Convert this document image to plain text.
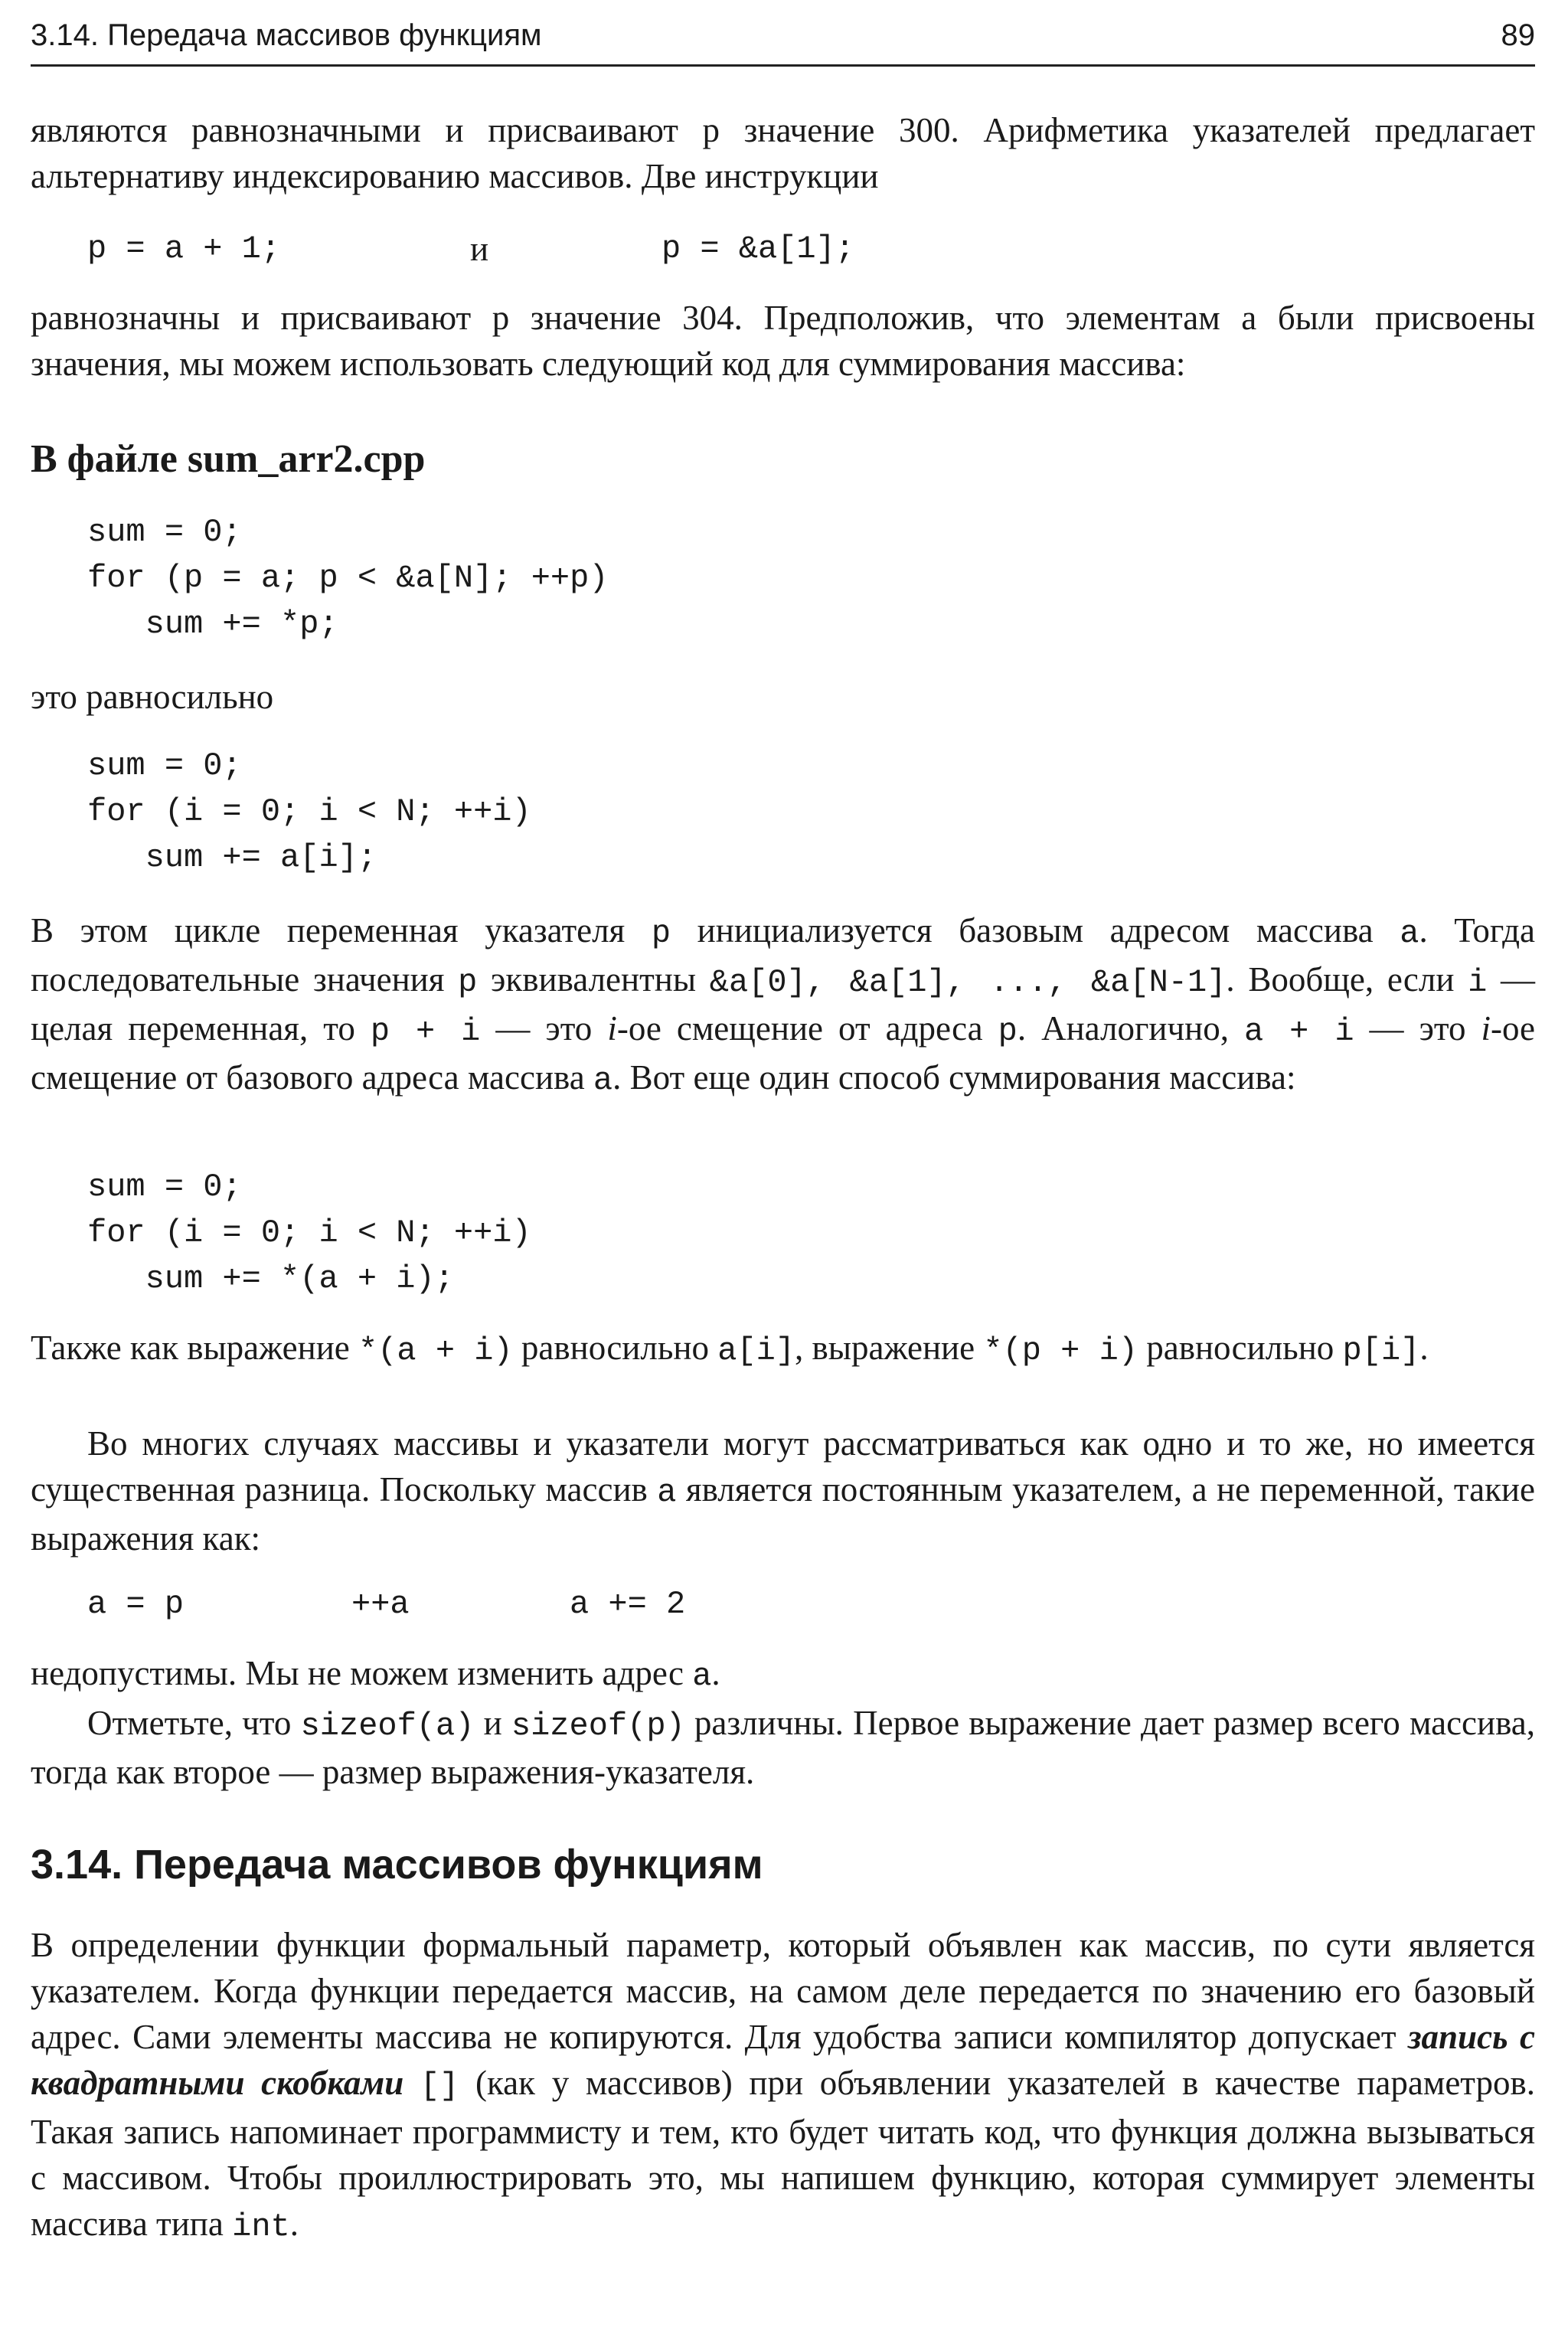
3.14. Передача массивов функциям	89

являются равнозначными и присваивают p значение 300. Арифметика указателей предлагает альтернативу индексированию массивов. Две инструкции

p = a + 1;	и	p = &a[1];

равнозначны и присваивают p значение 304. Предположив, что элементам a были присвоены значения, мы можем использовать следующий код для суммирования массива:

В файле sum_arr2.cpp
sum = 0;
for (p = a; p < &a[N]; ++p)
sum += *p;

это равносильно

sum = 0;
for (i = 0; i < N; ++i)
sum += a[i];

В этом цикле переменная указателя p инициализуется базовым адресом массива a. Тогда последовательные значения p эквивалентны &a[0], &a[1], ..., &a[N-1]. Вообще, если i — целая переменная, то p + i — это i-ое смещение от адреса p. Аналогично, a + i — это i-ое смещение от базового адреса массива a. Вот еще один способ суммирования массива:

sum = 0;
for (i = 0; i < N; ++i)
sum += *(a + i);

Также как выражение *(a + i) равносильно a[i], выражение *(p + i) равносильно p[i].

Во многих случаях массивы и указатели могут рассматриваться как одно и то же, но имеется существенная разница. Поскольку массив a является постоянным указателем, а не переменной, такие выражения как:

a = p	++a	a += 2

недопустимы. Мы не можем изменить адрес a.

Отметьте, что sizeof(a) и sizeof(p) различны. Первое выражение дает размер всего массива, тогда как второе — размер выражения-указателя.

3.14. Передача массивов функциям

В определении функции формальный параметр, который объявлен как массив, по сути является указателем. Когда функции передается массив, на самом деле передается по значению его базовый адрес. Сами элементы массива не копируются. Для удобства записи компилятор допускает запись с квадратными скобками [] (как у массивов) при объявлении указателей в качестве параметров. Такая запись напоминает программисту и тем, кто будет читать код, что функция должна вызываться с массивом. Чтобы проиллюстрировать это, мы напишем функцию, которая суммирует элементы массива типа int.
